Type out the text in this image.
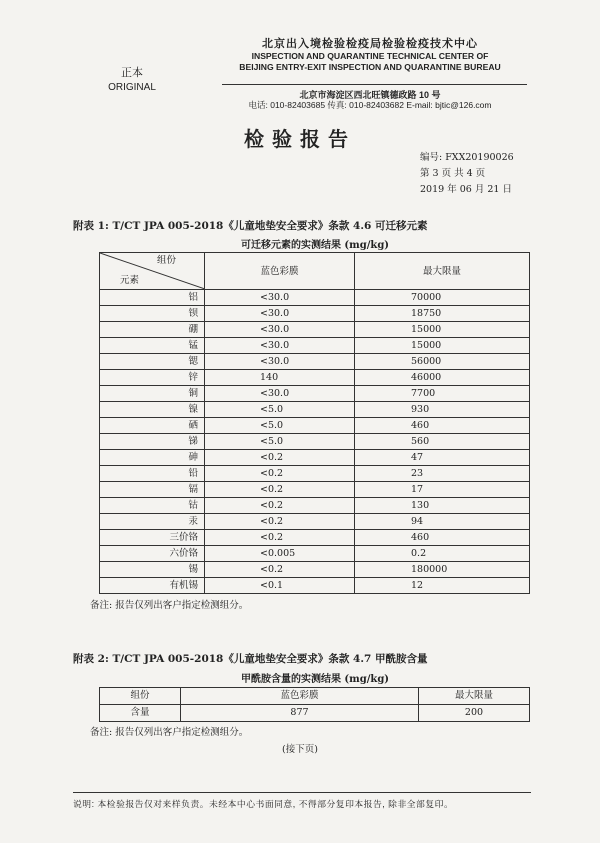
正本
ORIGINAL
北京出入境检验检疫局检验检疫技术中心
INSPECTION AND QUARANTINE TECHNICAL CENTER OF
BEIJING ENTRY-EXIT INSPECTION AND QUARANTINE BUREAU
北京市海淀区西北旺镇德政路 10 号
电话: 010-82403685 传真: 010-82403682 E-mail: bjtic@126.com
检验报告
编号: FXX20190026
第 3 页 共 4 页
2019 年 06 月 21 日
附表 1: T/CT JPA 005-2018《儿童地垫安全要求》条款 4.6 可迁移元素
可迁移元素的实测结果 (mg/kg)
组份
元素	蓝色彩膜	最大限量
铝	<30.0	70000
钡	<30.0	18750
硼	<30.0	15000
锰	<30.0	15000
锶	<30.0	56000
锌	140	46000
铜	<30.0	7700
镍	<5.0	930
硒	<5.0	460
锑	<5.0	560
砷	<0.2	47
铅	<0.2	23
镉	<0.2	17
钴	<0.2	130
汞	<0.2	94
三价铬	<0.2	460
六价铬	<0.005	0.2
锡	<0.2	180000
有机锡	<0.1	12
备注: 报告仅列出客户指定检测组分。
附表 2: T/CT JPA 005-2018《儿童地垫安全要求》条款 4.7 甲酰胺含量
甲酰胺含量的实测结果 (mg/kg)
组份	蓝色彩膜	最大限量
含量	877	200
备注: 报告仅列出客户指定检测组分。
(接下页)
说明: 本检验报告仅对来样负责。未经本中心书面同意, 不得部分复印本报告, 除非全部复印。
